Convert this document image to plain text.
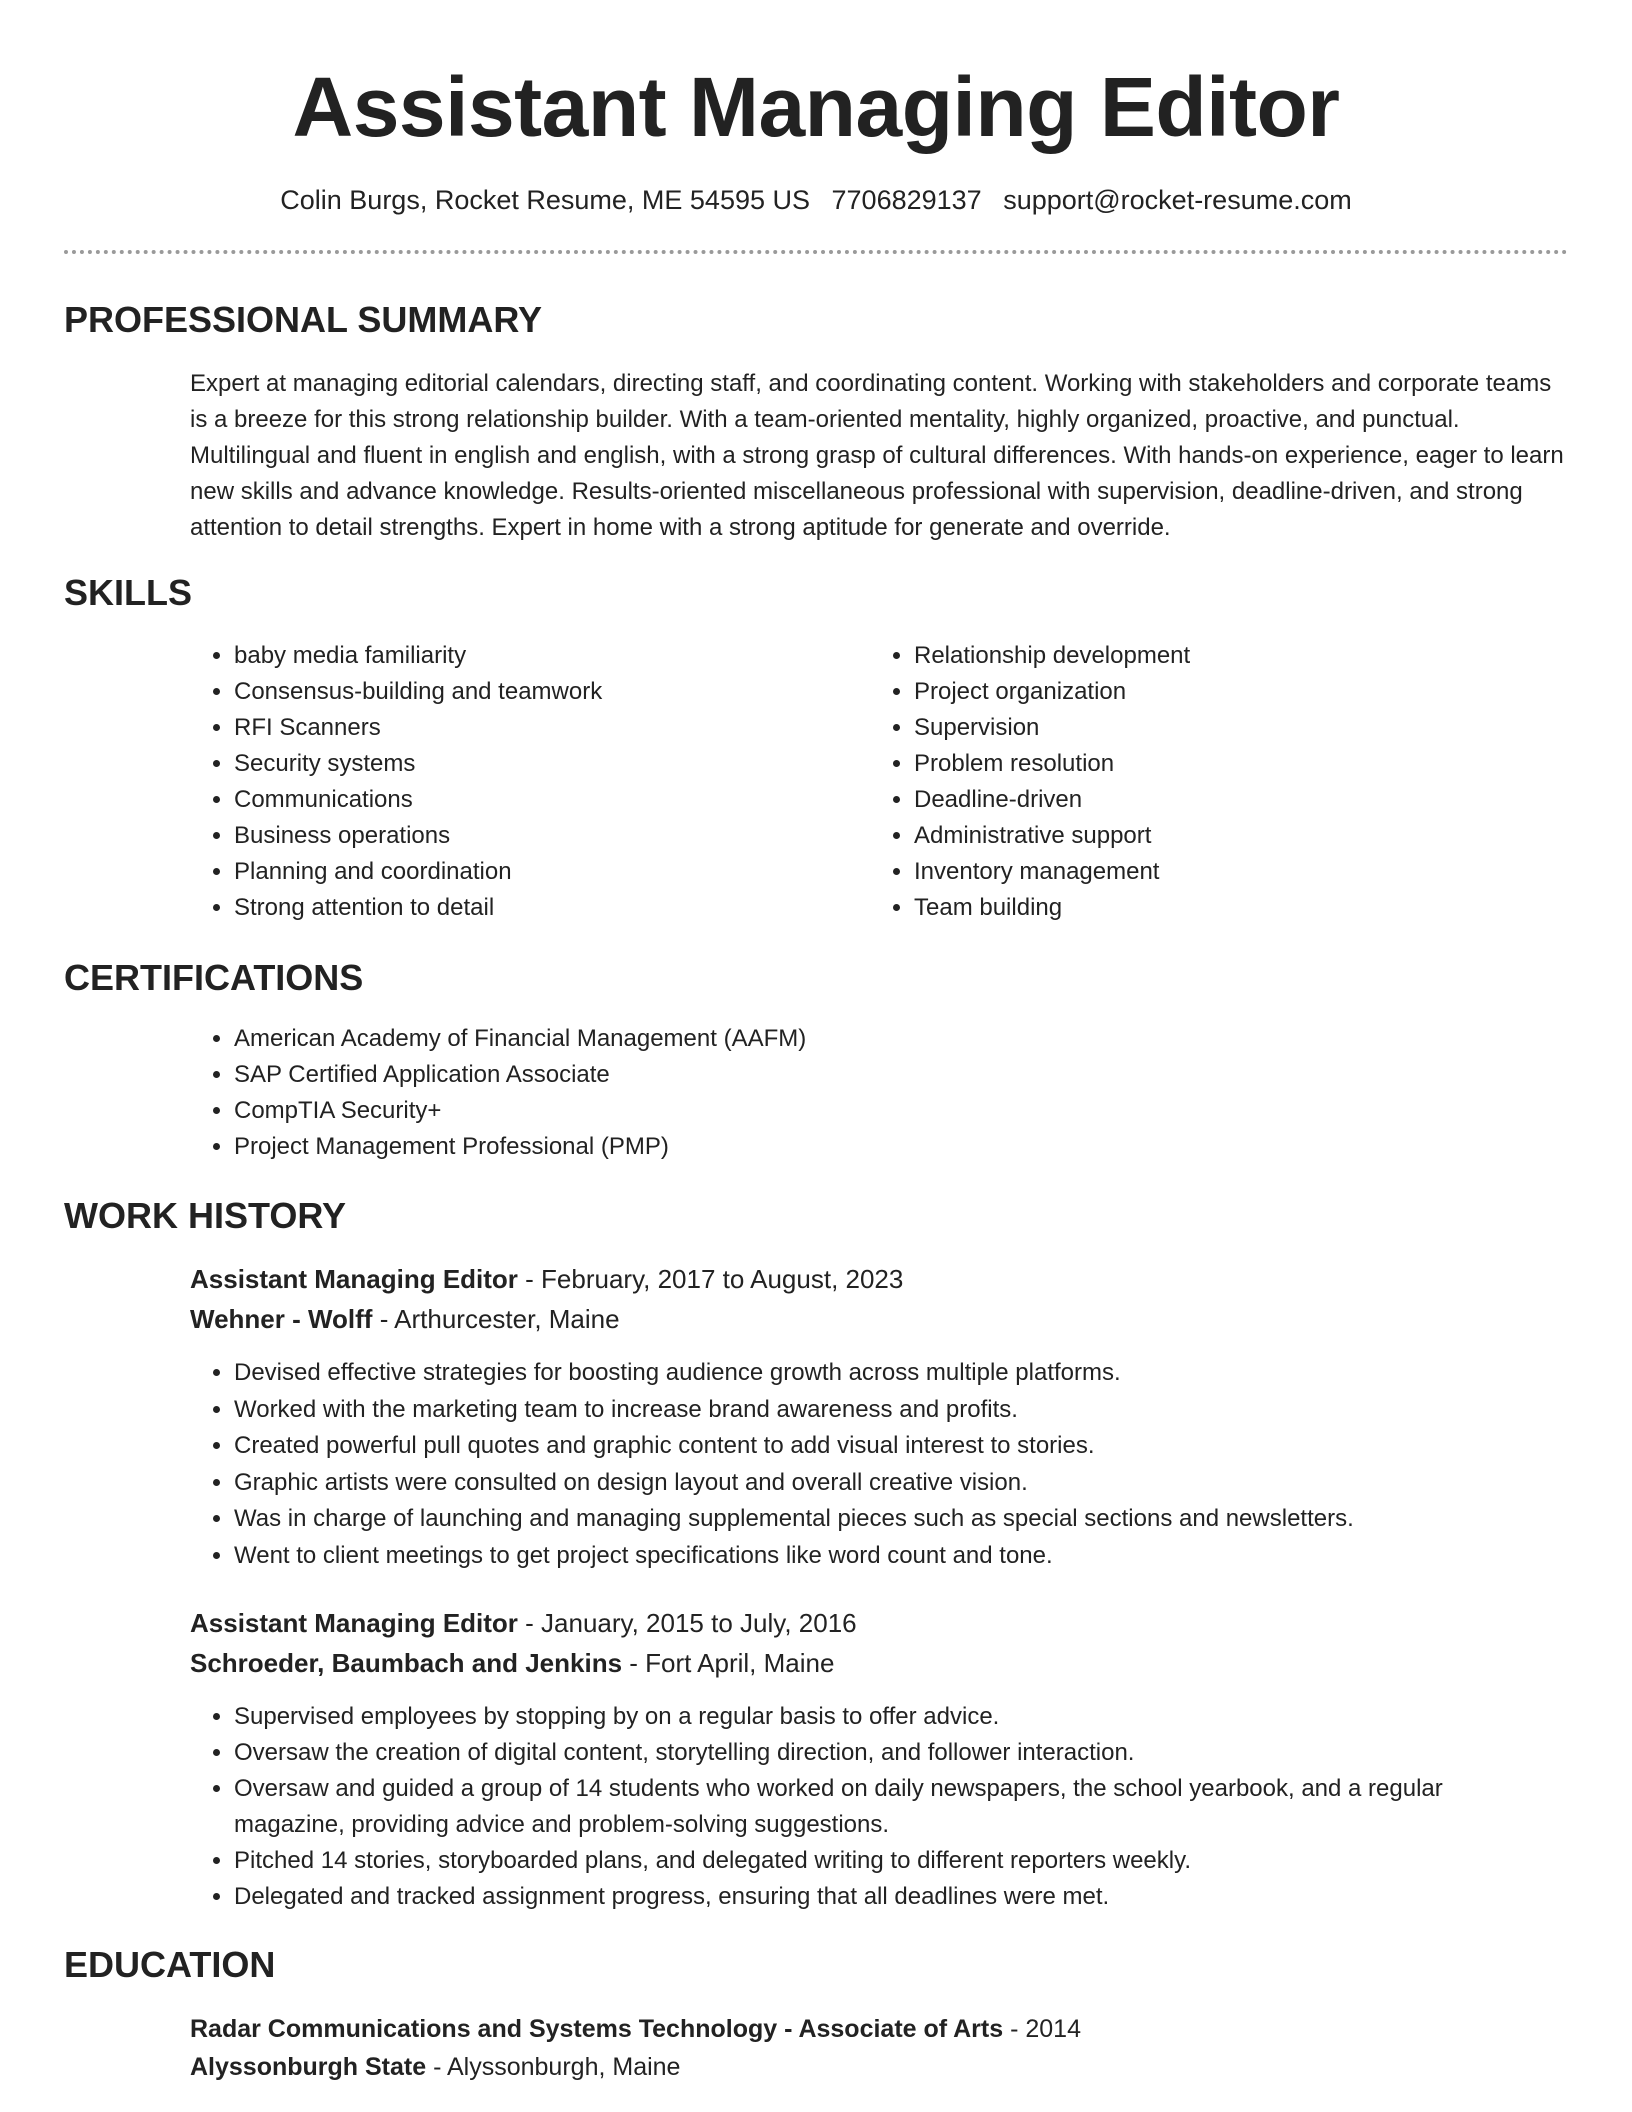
Assistant Managing Editor
Colin Burgs, Rocket Resume, ME 54595 US 7706829137 support@rocket-resume.com
PROFESSIONAL SUMMARY

Expert at managing editorial calendars, directing staff, and coordinating content. Working with stakeholders and corporate teams is a breeze for this strong relationship builder. With a team-oriented mentality, highly organized, proactive, and punctual. Multilingual and fluent in english and english, with a strong grasp of cultural differences. With hands-on experience, eager to learn new skills and advance knowledge. Results-oriented miscellaneous professional with supervision, deadline-driven, and strong attention to detail strengths. Expert in home with a strong aptitude for generate and override.

SKILLS
• baby media familiarity
• Consensus-building and teamwork
• RFI Scanners
• Security systems
• Communications
• Business operations
• Planning and coordination
• Strong attention to detail
• Relationship development
• Project organization
• Supervision
• Problem resolution
• Deadline-driven
• Administrative support
• Inventory management
• Team building
CERTIFICATIONS
• American Academy of Financial Management (AAFM)
• SAP Certified Application Associate
• CompTIA Security+
• Project Management Professional (PMP)
WORK HISTORY
Assistant Managing Editor - February, 2017 to August, 2023
Wehner - Wolff - Arthurcester, Maine
• Devised effective strategies for boosting audience growth across multiple platforms.
• Worked with the marketing team to increase brand awareness and profits.
• Created powerful pull quotes and graphic content to add visual interest to stories.
• Graphic artists were consulted on design layout and overall creative vision.
• Was in charge of launching and managing supplemental pieces such as special sections and newsletters.
• Went to client meetings to get project specifications like word count and tone.
Assistant Managing Editor - January, 2015 to July, 2016
Schroeder, Baumbach and Jenkins - Fort April, Maine
• Supervised employees by stopping by on a regular basis to offer advice.
• Oversaw the creation of digital content, storytelling direction, and follower interaction.
• Oversaw and guided a group of 14 students who worked on daily newspapers, the school yearbook, and a regular magazine, providing advice and problem-solving suggestions.
• Pitched 14 stories, storyboarded plans, and delegated writing to different reporters weekly.
• Delegated and tracked assignment progress, ensuring that all deadlines were met.
EDUCATION
Radar Communications and Systems Technology - Associate of Arts - 2014
Alyssonburgh State - Alyssonburgh, Maine
